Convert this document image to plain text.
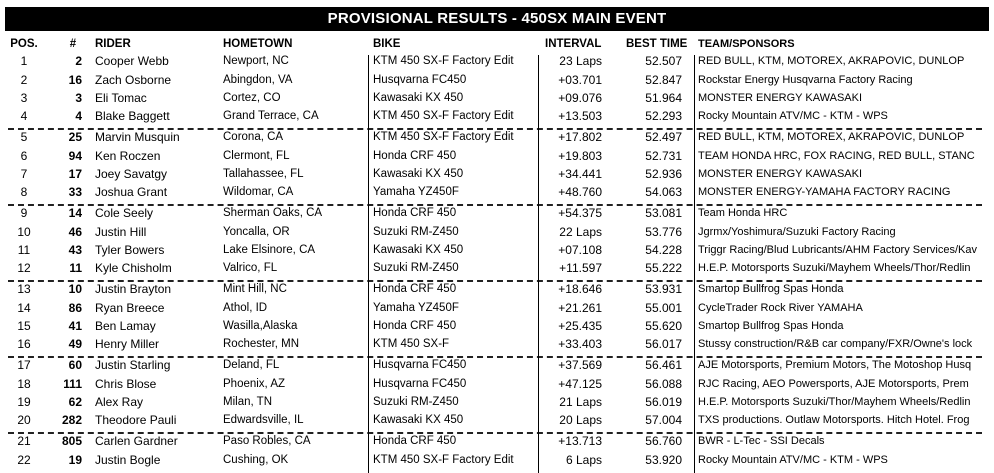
PROVISIONAL RESULTS - 450SX MAIN EVENT
POS.	#	RIDER	HOMETOWN	BIKE	INTERVAL	BEST TIME TEAM/SPONSORS
1	2 Cooper Webb	Newport, NC	KTM 450 SX-F Factory Edit	23 Laps	52.507 RED BULL, KTM, MOTOREX, AKRAPOVIC, DUNLOP
2	16 Zach Osborne	Abingdon, VA	Husqvarna FC450	+03.701	52.847 Rockstar Energy Husqvarna Factory Racing
3	3 Eli Tomac	Cortez, CO	Kawasaki KX 450	+09.076	51.964 MONSTER ENERGY KAWASAKI
4	4 Blake Baggett	Grand Terrace, CA	KTM 450 SX-F Factory Edit	+13.503	52.293 Rocky Mountain ATV/MC - KTM - WPS
5	25 Marvin Musquin	Corona, CA	KTM 450 SX-F Factory Edit	+17.802	52.497 RED BULL, KTM, MOTOREX, AKRAPOVIC, DUNLOP
6	94 Ken Roczen	Clermont, FL	Honda CRF 450	+19.803	52.731 TEAM HONDA HRC, FOX RACING, RED BULL, STANC
7	17 Joey Savatgy	Tallahassee, FL	Kawasaki KX 450	+34.441	52.936 MONSTER ENERGY KAWASAKI
8	33 Joshua Grant	Wildomar, CA	Yamaha YZ450F	+48.760	54.063 MONSTER ENERGY-YAMAHA FACTORY RACING
9	14 Cole Seely	Sherman Oaks, CA	Honda CRF 450	+54.375	53.081 Team Honda HRC
10	46 Justin Hill	Yoncalla, OR	Suzuki RM-Z450	22 Laps	53.776 Jgrmx/Yoshimura/Suzuki Factory Racing
11	43 Tyler Bowers	Lake Elsinore, CA	Kawasaki KX 450	+07.108	54.228 Triggr Racing/Blud Lubricants/AHM Factory Services/Kav
12	11 Kyle Chisholm	Valrico, FL	Suzuki RM-Z450	+11.597	55.222 H.E.P. Motorsports Suzuki/Mayhem Wheels/Thor/Redlin
13	10 Justin Brayton	Mint Hill, NC	Honda CRF 450	+18.646	53.931 Smartop Bullfrog Spas Honda
14	86 Ryan Breece	Athol, ID	Yamaha YZ450F	+21.261	55.001 CycleTrader Rock River YAMAHA
15	41 Ben Lamay	Wasilla,Alaska	Honda CRF 450	+25.435	55.620 Smartop Bullfrog Spas Honda
16	49 Henry Miller	Rochester, MN	KTM 450 SX-F	+33.403	56.017 Stussy construction/R&B car company/FXR/Owne's lock
17	60 Justin Starling	Deland, FL	Husqvarna FC450	+37.569	56.461 AJE Motorsports, Premium Motors, The Motoshop Husq
18	111 Chris Blose	Phoenix, AZ	Husqvarna FC450	+47.125	56.088 RJC Racing, AEO Powersports, AJE Motorsports, Prem
19	62 Alex Ray	Milan, TN	Suzuki RM-Z450	21 Laps	56.019 H.E.P. Motorsports Suzuki/Thor/Mayhem Wheels/Redlin
20	282 Theodore Pauli	Edwardsville, IL	Kawasaki KX 450	20 Laps	57.004 TXS productions. Outlaw Motorsports. Hitch Hotel. Frog
21	805 Carlen Gardner	Paso Robles, CA	Honda CRF 450	+13.713	56.760 BWR - L-Tec - SSI Decals
22	19 Justin Bogle	Cushing, OK	KTM 450 SX-F Factory Edit	6 Laps	53.920 Rocky Mountain ATV/MC - KTM - WPS
